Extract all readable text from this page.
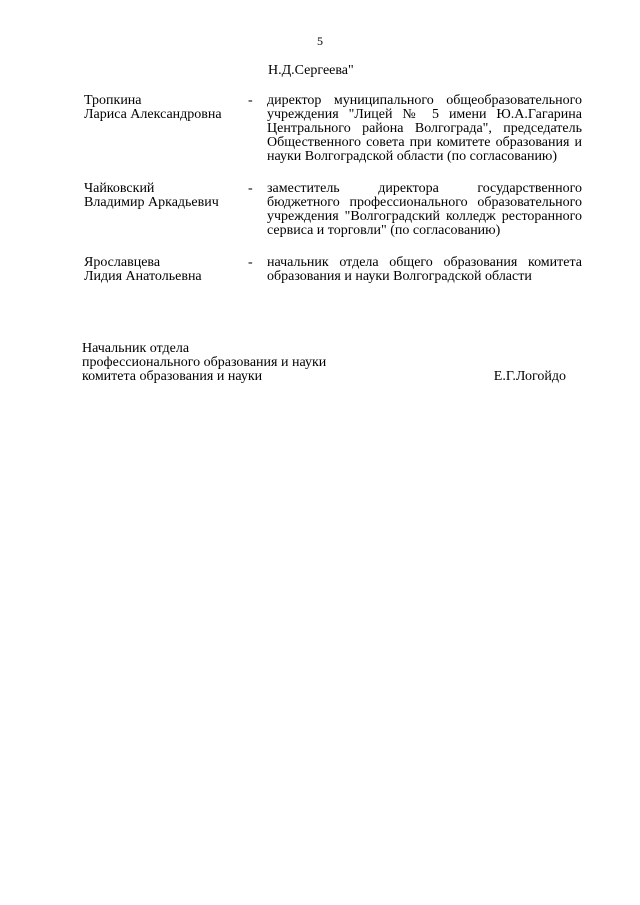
5
Н.Д.Сергеева"
Тропкина
Лариса Александровна
- директор муниципального общеобразовательного учреждения "Лицей № 5 имени Ю.А.Гагарина Центрального района Волгограда", председатель Общественного совета при комитете образования и науки Волгоградской области (по согласованию)
Чайковский
Владимир Аркадьевич
- заместитель директора государственного бюджетного профессионального образовательного учреждения "Волгоградский колледж ресторанного сервиса и торговли" (по согласованию)
Ярославцева
Лидия Анатольевна
- начальник отдела общего образования комитета образования и науки Волгоградской области
Начальник отдела
профессионального образования и науки
комитета образования и науки	Е.Г.Логойдо
